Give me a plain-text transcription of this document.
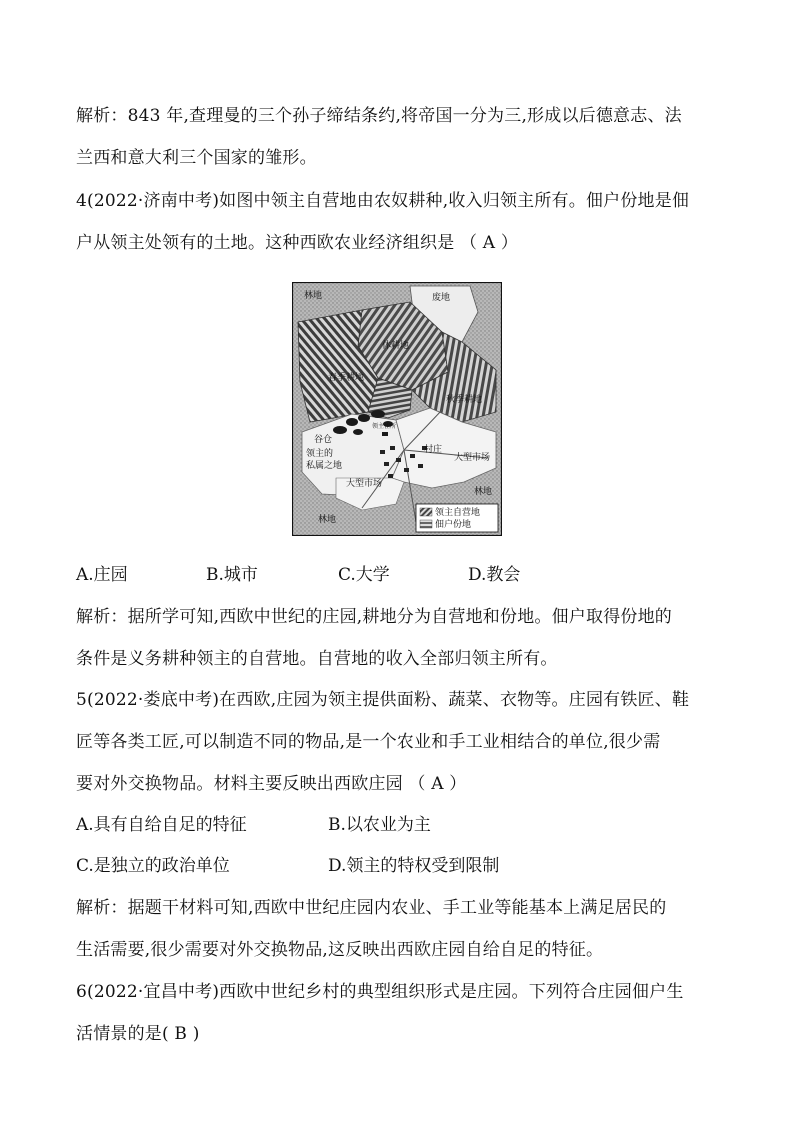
解析：843 年,查理曼的三个孙子缔结条约,将帝国一分为三,形成以后德意志、法
兰西和意大利三个国家的雏形。
4(2022·济南中考)如图中领主自营地由农奴耕种,收入归领主所有。佃户份地是佃
户从领主处领有的土地。这种西欧农业经济组织是 （ A ）
林地	废地
休耕地
春季耕地
秋季耕地
领主住所
谷仓
领主的
私属之地
村庄
大型市场
大型市场
林地
林地
领主自营地
佃户份地
A.庄园	B.城市	C.大学	D.教会
解析：据所学可知,西欧中世纪的庄园,耕地分为自营地和份地。佃户取得份地的
条件是义务耕种领主的自营地。自营地的收入全部归领主所有。
5(2022·娄底中考)在西欧,庄园为领主提供面粉、蔬菜、衣物等。庄园有铁匠、鞋
匠等各类工匠,可以制造不同的物品,是一个农业和手工业相结合的单位,很少需
要对外交换物品。材料主要反映出西欧庄园 （ A ）
A.具有自给自足的特征	B.以农业为主
C.是独立的政治单位	D.领主的特权受到限制
解析：据题干材料可知,西欧中世纪庄园内农业、手工业等能基本上满足居民的
生活需要,很少需要对外交换物品,这反映出西欧庄园自给自足的特征。
6(2022·宜昌中考)西欧中世纪乡村的典型组织形式是庄园。下列符合庄园佃户生
活情景的是( B )
